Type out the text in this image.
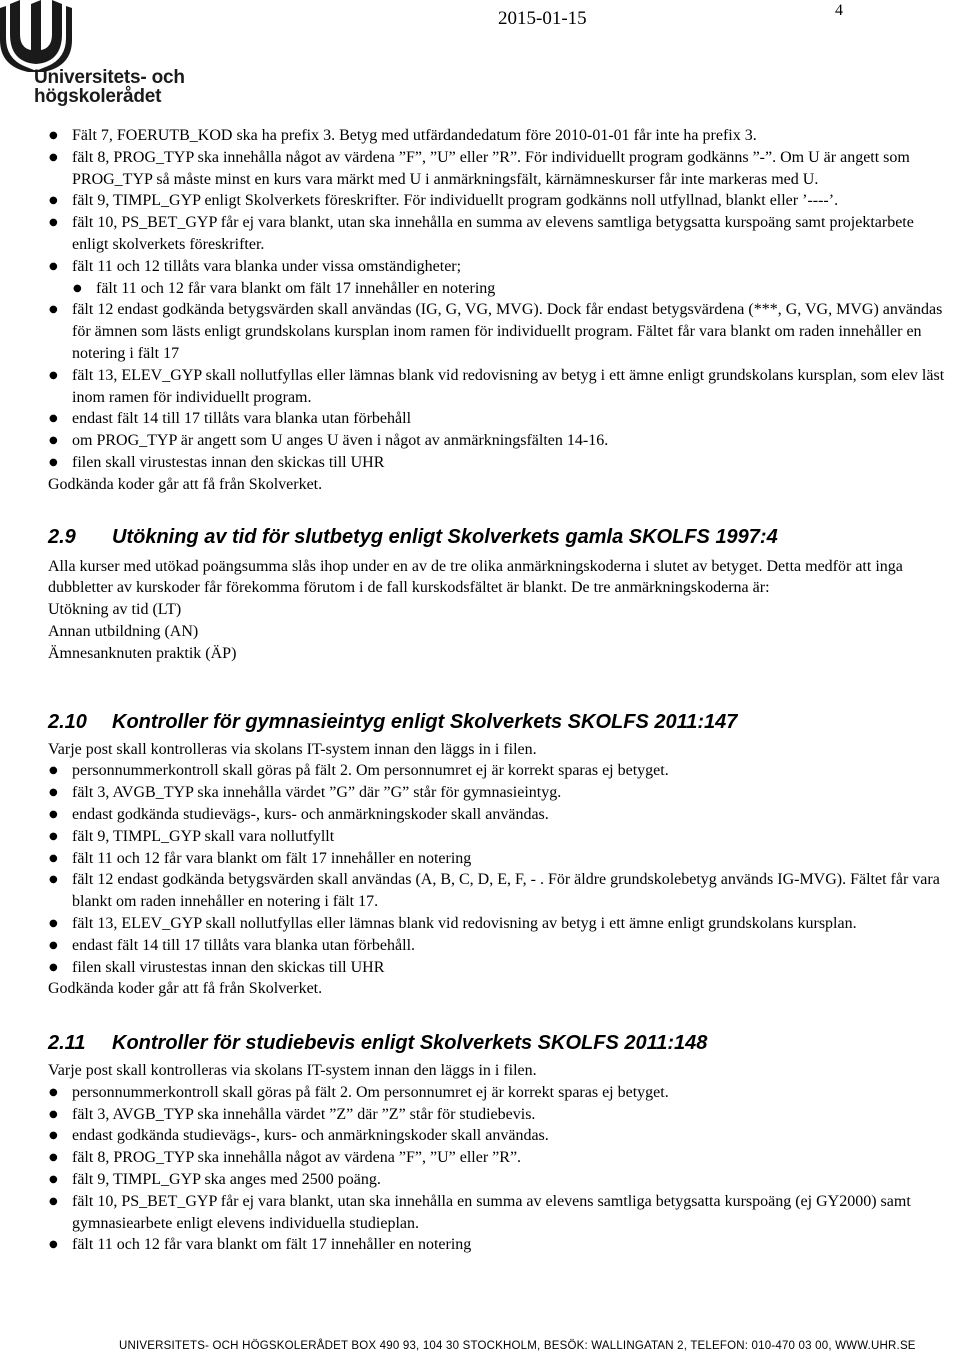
Universitets- och
högskolerådet
2015-01-15	4
● Fält 7, FOERUTB_KOD ska ha prefix 3. Betyg med utfärdandedatum före 2010-01-01 får inte ha prefix 3.
● fält 8, PROG_TYP ska innehålla något av värdena ”F”, ”U” eller ”R”. För individuellt program godkänns ”-”. Om U är angett som PROG_TYP så måste minst en kurs vara märkt med U i anmärkningsfält, kärnämneskurser får inte markeras med U.
● fält 9, TIMPL_GYP enligt Skolverkets föreskrifter. För individuellt program godkänns noll utfyllnad, blankt eller ’----’.
● fält 10, PS_BET_GYP får ej vara blankt, utan ska innehålla en summa av elevens samtliga betygsatta kurspoäng samt projektarbete enligt skolverkets föreskrifter.
● fält 11 och 12 tillåts vara blanka under vissa omständigheter;
● fält 11 och 12 får vara blankt om fält 17 innehåller en notering
● fält 12 endast godkända betygsvärden skall användas (IG, G, VG, MVG). Dock får endast betygsvärdena (***, G, VG, MVG) användas för ämnen som lästs enligt grundskolans kursplan inom ramen för individuellt program. Fältet får vara blankt om raden innehåller en notering i fält 17
● fält 13, ELEV_GYP skall nollutfyllas eller lämnas blank vid redovisning av betyg i ett ämne enligt grundskolans kursplan, som elev läst inom ramen för individuellt program.
● endast fält 14 till 17 tillåts vara blanka utan förbehåll
● om PROG_TYP är angett som U anges U även i något av anmärkningsfälten 14-16.
● filen skall virustestas innan den skickas till UHR

Godkända koder går att få från Skolverket.

2.9	Utökning av tid för slutbetyg enligt Skolverkets gamla SKOLFS 1997:4

Alla kurser med utökad poängsumma slås ihop under en av de tre olika anmärkningskoderna i slutet av betyget. Detta medför att inga dubbletter av kurskoder får förekomma förutom i de fall kurskodsfältet är blankt. De tre anmärkningskoderna är:

Utökning av tid (LT)

Annan utbildning (AN)

Ämnesanknuten praktik (ÄP)

2.10	Kontroller för gymnasieintyg enligt Skolverkets SKOLFS 2011:147

Varje post skall kontrolleras via skolans IT-system innan den läggs in i filen.

● personnummerkontroll skall göras på fält 2. Om personnumret ej är korrekt sparas ej betyget.
● fält 3, AVGB_TYP ska innehålla värdet ”G” där ”G” står för gymnasieintyg.
● endast godkända studievägs-, kurs- och anmärkningskoder skall användas.
● fält 9, TIMPL_GYP skall vara nollutfyllt
● fält 11 och 12 får vara blankt om fält 17 innehåller en notering
● fält 12 endast godkända betygsvärden skall användas (A, B, C, D, E, F, - . För äldre grundskolebetyg används IG-MVG). Fältet får vara blankt om raden innehåller en notering i fält 17.
● fält 13, ELEV_GYP skall nollutfyllas eller lämnas blank vid redovisning av betyg i ett ämne enligt grundskolans kursplan.
● endast fält 14 till 17 tillåts vara blanka utan förbehåll.
● filen skall virustestas innan den skickas till UHR

Godkända koder går att få från Skolverket.

2.11	Kontroller för studiebevis enligt Skolverkets SKOLFS 2011:148

Varje post skall kontrolleras via skolans IT-system innan den läggs in i filen.

● personnummerkontroll skall göras på fält 2. Om personnumret ej är korrekt sparas ej betyget.
● fält 3, AVGB_TYP ska innehålla värdet ”Z” där ”Z” står för studiebevis.
● endast godkända studievägs-, kurs- och anmärkningskoder skall användas.
● fält 8, PROG_TYP ska innehålla något av värdena ”F”, ”U” eller ”R”.
● fält 9, TIMPL_GYP ska anges med 2500 poäng.
● fält 10, PS_BET_GYP får ej vara blankt, utan ska innehålla en summa av elevens samtliga betygsatta kurspoäng (ej GY2000) samt gymnasiearbete enligt elevens individuella studieplan.
● fält 11 och 12 får vara blankt om fält 17 innehåller en notering
UNIVERSITETS- OCH HÖGSKOLERÅDET BOX 490 93, 104 30 STOCKHOLM, BESÖK: WALLINGATAN 2, TELEFON: 010-470 03 00, WWW.UHR.SE
